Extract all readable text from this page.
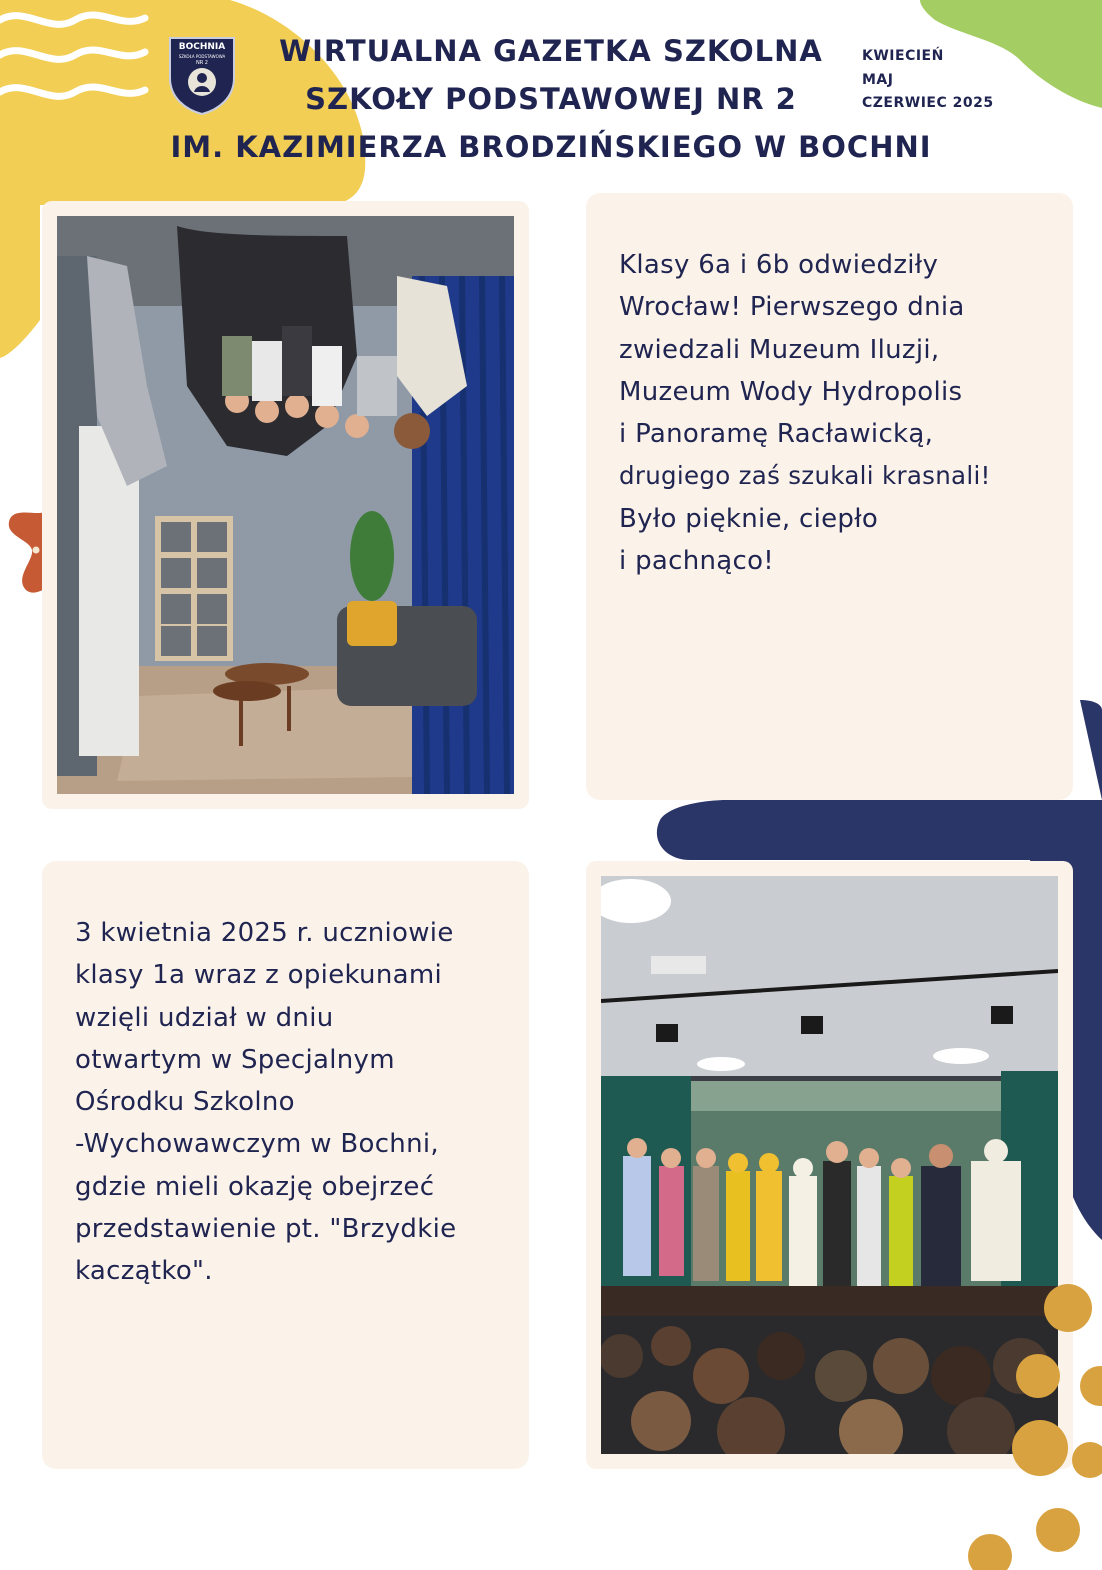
BOCHNIA
SZKOŁA PODSTAWOWA
NR 2	WIRTUALNA GAZETKA SZKOLNA
SZKOŁY PODSTAWOWEJ NR 2
IM. KAZIMIERZA BRODZIŃSKIEGO W BOCHNI
KWIECIEŃ
MAJ
CZERWIEC 2025
Klasy 6a i 6b odwiedziły
Wrocław! Pierwszego dnia
zwiedzali Muzeum Iluzji,
Muzeum Wody Hydropolis
i Panoramę Racławicką,
drugiego zaś szukali krasnali!
Było pięknie, ciepło
i pachnąco!
3 kwietnia 2025 r. uczniowie
klasy 1a wraz z opiekunami
wzięli udział w dniu
otwartym w Specjalnym
Ośrodku Szkolno
-Wychowawczym w Bochni,
gdzie mieli okazję obejrzeć
przedstawienie pt. "Brzydkie
kaczątko".
